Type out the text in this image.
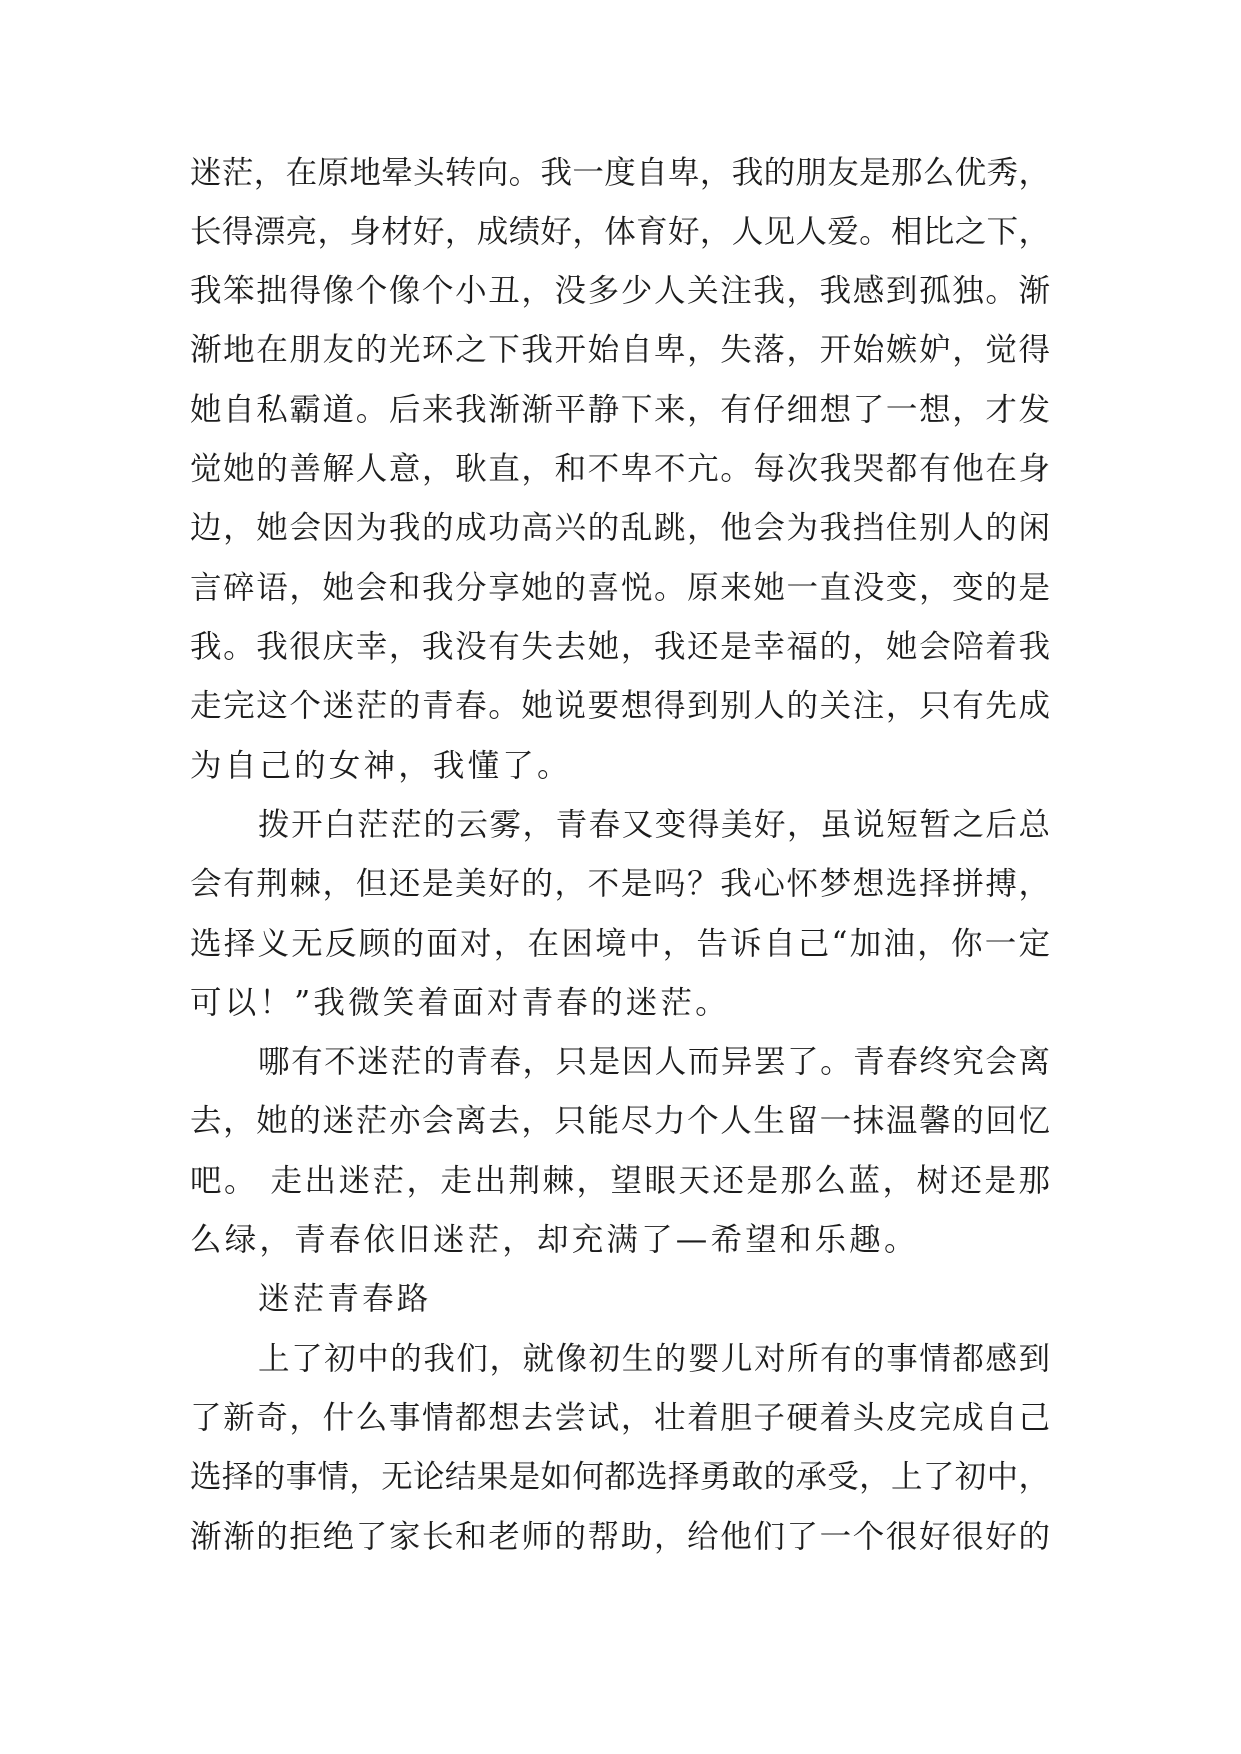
迷茫，在原地晕头转向。我一度自卑，我的朋友是那么优秀，
长得漂亮，身材好，成绩好，体育好，人见人爱。相比之下，
我笨拙得像个像个小丑，没多少人关注我，我感到孤独。渐
渐地在朋友的光环之下我开始自卑，失落，开始嫉妒，觉得
她自私霸道。后来我渐渐平静下来，有仔细想了一想，才发
觉她的善解人意，耿直，和不卑不亢。每次我哭都有他在身
边，她会因为我的成功高兴的乱跳，他会为我挡住别人的闲
言碎语，她会和我分享她的喜悦。原来她一直没变，变的是
我。我很庆幸，我没有失去她，我还是幸福的，她会陪着我
走完这个迷茫的青春。她说要想得到别人的关注，只有先成
为自己的女神，我懂了。
拨开白茫茫的云雾，青春又变得美好，虽说短暂之后总
会有荆棘，但还是美好的，不是吗？我心怀梦想选择拼搏，
选择义无反顾的面对，在困境中，告诉自己“加油，你一定
可以！”我微笑着面对青春的迷茫。
哪有不迷茫的青春，只是因人而异罢了。青春终究会离
去，她的迷茫亦会离去，只能尽力个人生留一抹温馨的回忆
吧。 走出迷茫，走出荆棘，望眼天还是那么蓝，树还是那
么绿，青春依旧迷茫，却充满了—希望和乐趣。
迷茫青春路
上了初中的我们，就像初生的婴儿对所有的事情都感到
了新奇，什么事情都想去尝试，壮着胆子硬着头皮完成自己
选择的事情，无论结果是如何都选择勇敢的承受，上了初中，
渐渐的拒绝了家长和老师的帮助，给他们了一个很好很好的
